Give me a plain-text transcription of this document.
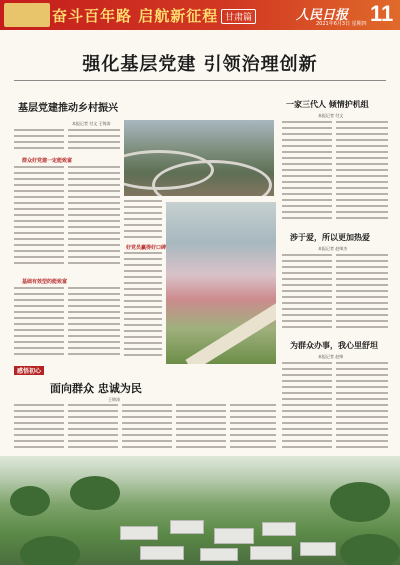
奋斗百年路 启航新征程 甘肃篇	人民日报 11
2021年6月3日 星期四
强化基层党建 引领治理创新
基层党建推动乡村振兴
本报记者 付文 王锦涛
群众好党建一定能致富
基础有效型的能致富
好党员赢得好口碑
一家三代人 倾情护机组
本报记者 付文
涉于爱，所以更加热爱
本报记者 赵帅杰
为群众办事，我心里舒坦
本报记者 赵帅
感悟初心
面向群众 忠诚为民
王锦涛
